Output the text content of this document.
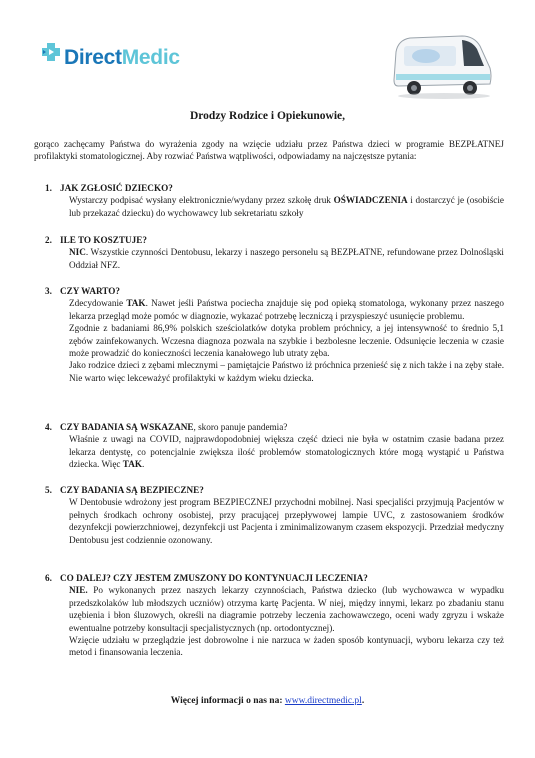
DirectMedic
Drodzy Rodzice i Opiekunowie,
gorąco zachęcamy Państwa do wyrażenia zgody na wzięcie udziału przez Państwa dzieci w programie BEZPŁATNEJ profilaktyki stomatologicznej. Aby rozwiać Państwa wątpliwości, odpowiadamy na najczęstsze pytania:
1. JAK ZGŁOSIĆ DZIECKO?
Wystarczy podpisać wysłany elektronicznie/wydany przez szkołę druk OŚWIADCZENIA i dostarczyć je (osobiście lub przekazać dziecku) do wychowawcy lub sekretariatu szkoły
2. ILE TO KOSZTUJE?
NIC. Wszystkie czynności Dentobusu, lekarzy i naszego personelu są BEZPŁATNE, refundowane przez Dolnośląski Oddział NFZ.
3. CZY WARTO?

Zdecydowanie TAK. Nawet jeśli Państwa pociecha znajduje się pod opieką stomatologa, wykonany przez naszego lekarza przegląd może pomóc w diagnozie, wykazać potrzebę leczniczą i przyspieszyć usunięcie problemu.

Zgodnie z badaniami 86,9% polskich sześciolatków dotyka problem próchnicy, a jej intensywność to średnio 5,1 zębów zainfekowanych. Wczesna diagnoza pozwala na szybkie i bezbolesne leczenie. Odsunięcie leczenia w czasie może prowadzić do konieczności leczenia kanałowego lub utraty zęba.

Jako rodzice dzieci z zębami mlecznymi – pamiętajcie Państwo iż próchnica przenieść się z nich także i na zęby stałe. Nie warto więc lekceważyć profilaktyki w każdym wieku dziecka.

4. CZY BADANIA SĄ WSKAZANE, skoro panuje pandemia?
Właśnie z uwagi na COVID, najprawdopodobniej większa część dzieci nie była w ostatnim czasie badana przez lekarza dentystę, co potencjalnie zwiększa ilość problemów stomatologicznych które mogą wystąpić u Państwa dziecka. Więc TAK.
5. CZY BADANIA SĄ BEZPIECZNE?
W Dentobusie wdrożony jest program BEZPIECZNEJ przychodni mobilnej. Nasi specjaliści przyjmują Pacjentów w pełnych środkach ochrony osobistej, przy pracującej przepływowej lampie UVC, z zastosowaniem środków dezynfekcji powierzchniowej, dezynfekcji ust Pacjenta i zminimalizowanym czasem ekspozycji. Przedział medyczny Dentobusu jest codziennie ozonowany.
6. CO DALEJ? CZY JESTEM ZMUSZONY DO KONTYNUACJI LECZENIA?

NIE. Po wykonanych przez naszych lekarzy czynnościach, Państwa dziecko (lub wychowawca w wypadku przedszkolaków lub młodszych uczniów) otrzyma kartę Pacjenta. W niej, między innymi, lekarz po zbadaniu stanu uzębienia i błon śluzowych, określi na diagramie potrzeby leczenia zachowawczego, oceni wady zgryzu i wskaże ewentualne potrzeby konsultacji specjalistycznych (np. ortodontycznej).

Wzięcie udziału w przeglądzie jest dobrowolne i nie narzuca w żaden sposób kontynuacji, wyboru lekarza czy też metod i finansowania leczenia.

Więcej informacji o nas na: www.directmedic.pl.
